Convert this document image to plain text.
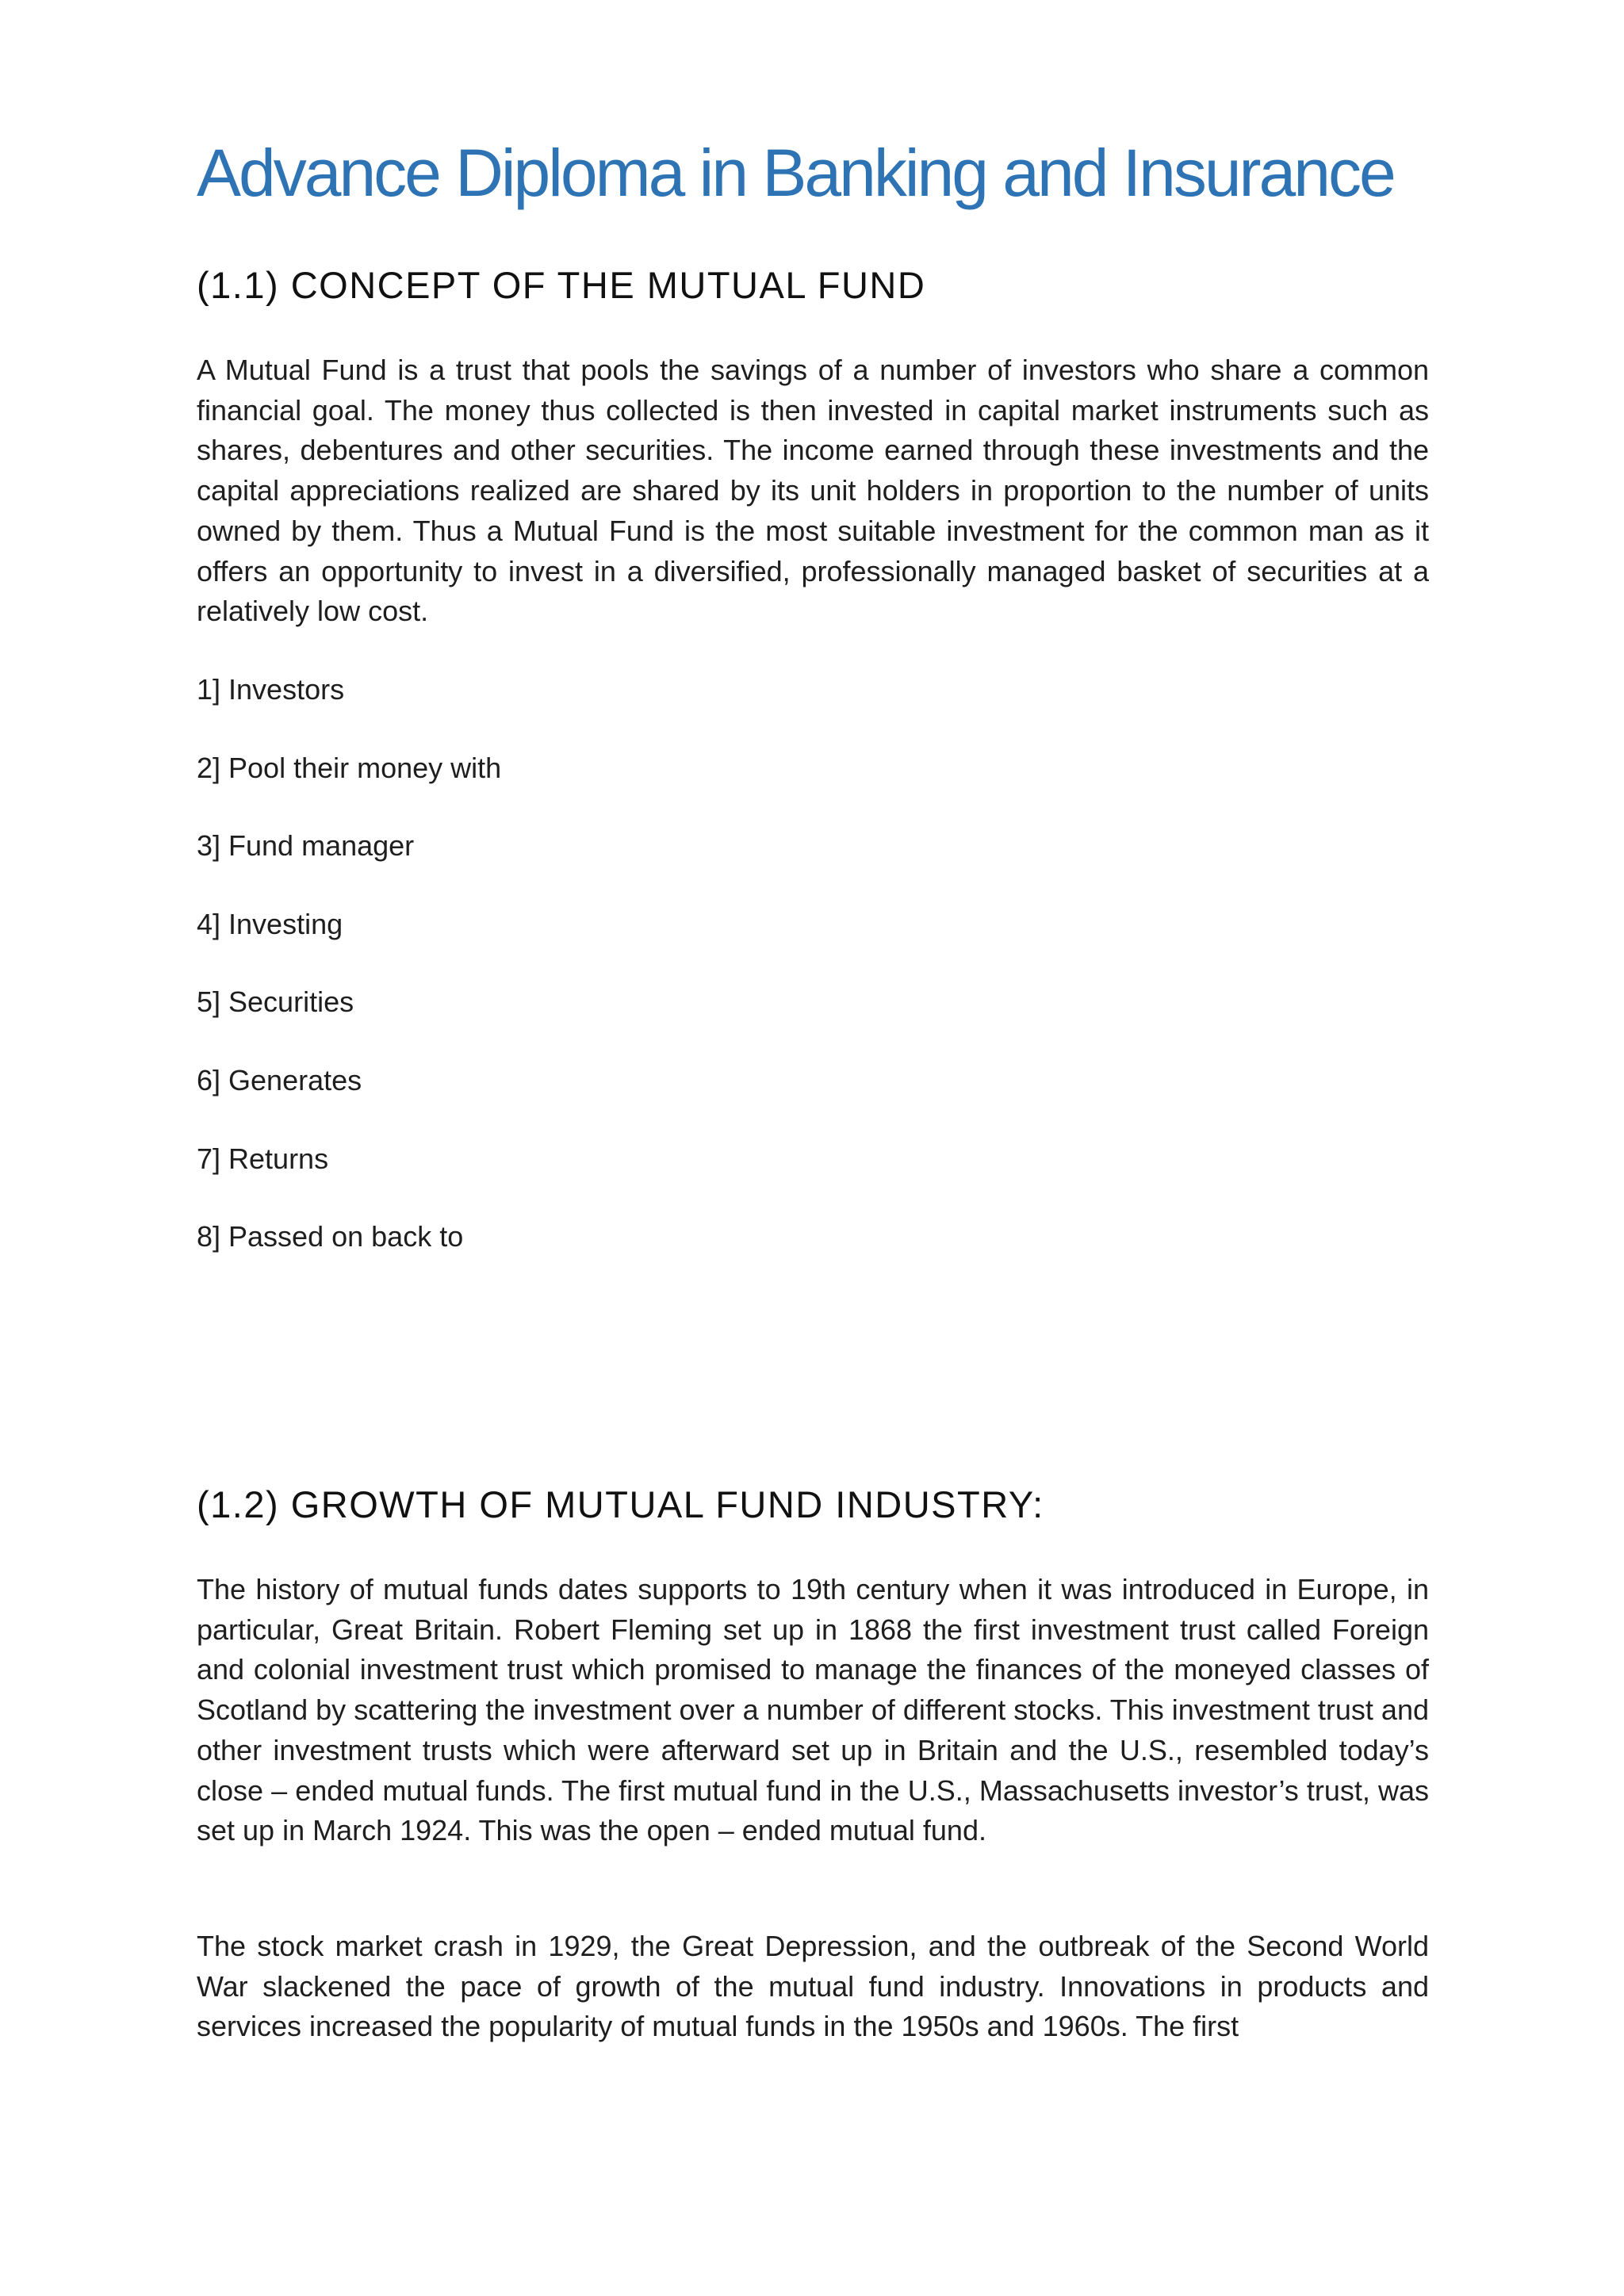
Advance Diploma in Banking and Insurance
(1.1) CONCEPT OF THE MUTUAL FUND

A Mutual Fund is a trust that pools the savings of a number of investors who share a common financial goal. The money thus collected is then invested in capital market instruments such as shares, debentures and other securities. The income earned through these investments and the capital appreciations realized are shared by its unit holders in proportion to the number of units owned by them. Thus a Mutual Fund is the most suitable investment for the common man as it offers an opportunity to invest in a diversified, professionally managed basket of securities at a relatively low cost.

1] Investors
2] Pool their money with
3] Fund manager
4] Investing
5] Securities
6] Generates
7] Returns
8] Passed on back to
(1.2) GROWTH OF MUTUAL FUND INDUSTRY:

The history of mutual funds dates supports to 19th century when it was introduced in Europe, in particular, Great Britain. Robert Fleming set up in 1868 the first investment trust called Foreign and colonial investment trust which promised to manage the finances of the moneyed classes of Scotland by scattering the investment over a number of different stocks. This investment trust and other investment trusts which were afterward set up in Britain and the U.S., resembled today’s close – ended mutual funds. The first mutual fund in the U.S., Massachusetts investor’s trust, was set up in March 1924. This was the open – ended mutual fund.

The stock market crash in 1929, the Great Depression, and the outbreak of the Second World War slackened the pace of growth of the mutual fund industry. Innovations in products and services increased the popularity of mutual funds in the 1950s and 1960s. The first
